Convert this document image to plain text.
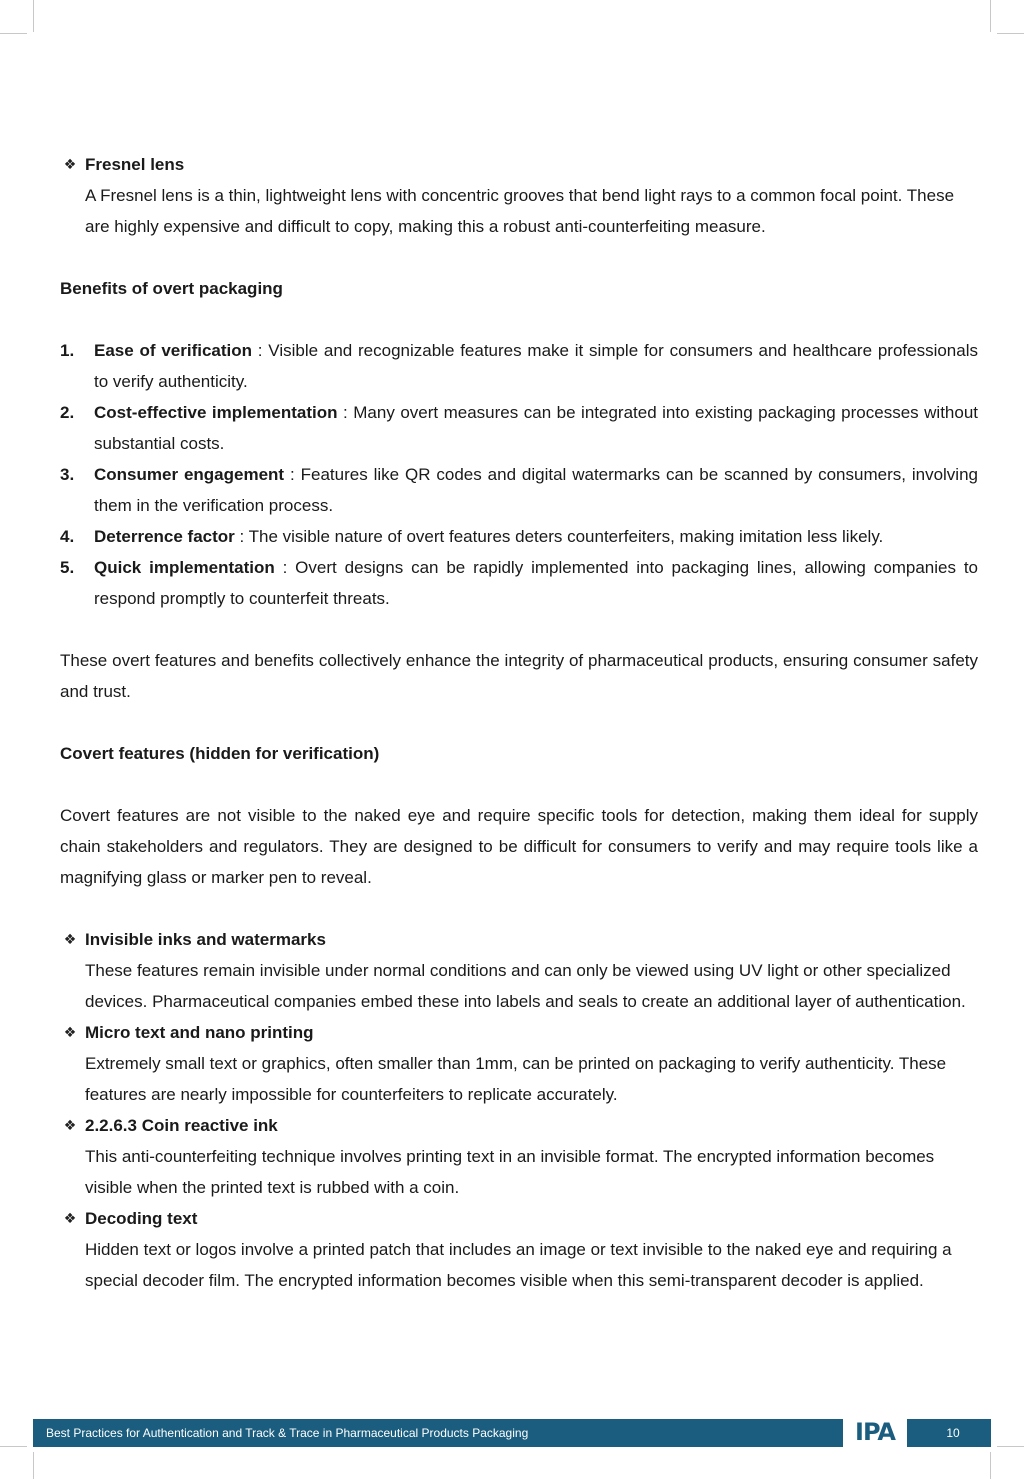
❖ Fresnel lens
A Fresnel lens is a thin, lightweight lens with concentric grooves that bend light rays to a common focal point. These are highly expensive and difficult to copy, making this a robust anti-counterfeiting measure.

Benefits of overt packaging

1. Ease of verification : Visible and recognizable features make it simple for consumers and healthcare professionals to verify authenticity.
2. Cost-effective implementation : Many overt measures can be integrated into existing packaging processes without substantial costs.
3. Consumer engagement : Features like QR codes and digital watermarks can be scanned by consumers, involving them in the verification process.
4. Deterrence factor : The visible nature of overt features deters counterfeiters, making imitation less likely.
5. Quick implementation : Overt designs can be rapidly implemented into packaging lines, allowing companies to respond promptly to counterfeit threats.

These overt features and benefits collectively enhance the integrity of pharmaceutical products, ensuring consumer safety and trust.

Covert features (hidden for verification)

Covert features are not visible to the naked eye and require specific tools for detection, making them ideal for supply chain stakeholders and regulators. They are designed to be difficult for consumers to verify and may require tools like a magnifying glass or marker pen to reveal.

❖ Invisible inks and watermarks
These features remain invisible under normal conditions and can only be viewed using UV light or other specialized devices. Pharmaceutical companies embed these into labels and seals to create an additional layer of authentication.
❖ Micro text and nano printing
Extremely small text or graphics, often smaller than 1mm, can be printed on packaging to verify authenticity. These features are nearly impossible for counterfeiters to replicate accurately.
❖ 2.2.6.3 Coin reactive ink
This anti-counterfeiting technique involves printing text in an invisible format. The encrypted information becomes visible when the printed text is rubbed with a coin.
❖ Decoding text
Hidden text or logos involve a printed patch that includes an image or text invisible to the naked eye and requiring a special decoder film. The encrypted information becomes visible when this semi-transparent decoder is applied.
Best Practices for Authentication and Track & Trace in Pharmaceutical Products Packaging	IPA	10
